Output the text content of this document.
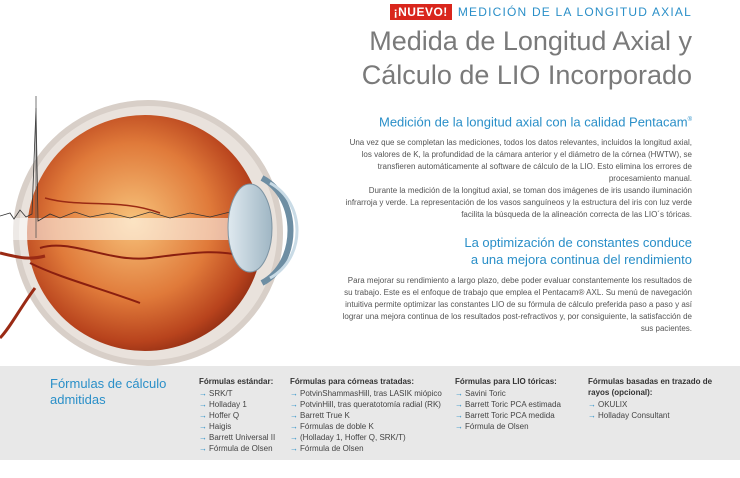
¡NUEVO! MEDICIÓN DE LA LONGITUD AXIAL
Medida de Longitud Axial y
Cálculo de LIO Incorporado
Medición de la longitud axial con la calidad Pentacam®

Una vez que se completan las mediciones, todos los datos relevantes, incluidos la longitud axial, los valores de K, la profundidad de la cámara anterior y el diámetro de la córnea (HWTW), se transfieren automáticamente al software de cálculo de la LIO. Esto elimina los errores de procesamiento manual.

Durante la medición de la longitud axial, se toman dos imágenes de iris usando iluminación infrarroja y verde. La representación de los vasos sanguíneos y la estructura del iris con luz verde facilita la búsqueda de la alineación correcta de las LIO´s tóricas.

La optimización de constantes conduce
a una mejora continua del rendimiento

Para mejorar su rendimiento a largo plazo, debe poder evaluar constantemente los resultados de su trabajo. Este es el enfoque de trabajo que emplea el Pentacam® AXL. Su menú de navegación intuitiva permite optimizar las constantes LIO de su fórmula de cálculo preferida paso a paso y así lograr una mejora continua de los resultados post-refractivos y, por consiguiente, la satisfacción de sus pacientes.

Fórmulas de cálculo admitidas
Fórmulas estándar:
→ SRK/T
→ Holladay 1
→ Hoffer Q
→ Haigis
→ Barrett Universal II
→ Fórmula de Olsen
Fórmulas para córneas tratadas:
→ PotvinShammasHill, tras LASIK miópico
→ PotvinHill, tras queratotomía radial (RK)
→ Barrett True K
→ Fórmulas de doble K
→ (Holladay 1, Hoffer Q, SRK/T)
→ Fórmula de Olsen
Fórmulas para LIO tóricas:
→ Savini Toric
→ Barrett Toric PCA estimada
→ Barrett Toric PCA medida
→ Fórmula de Olsen
Fórmulas basadas en trazado de rayos (opcional):
→ OKULIX
→ Holladay Consultant
